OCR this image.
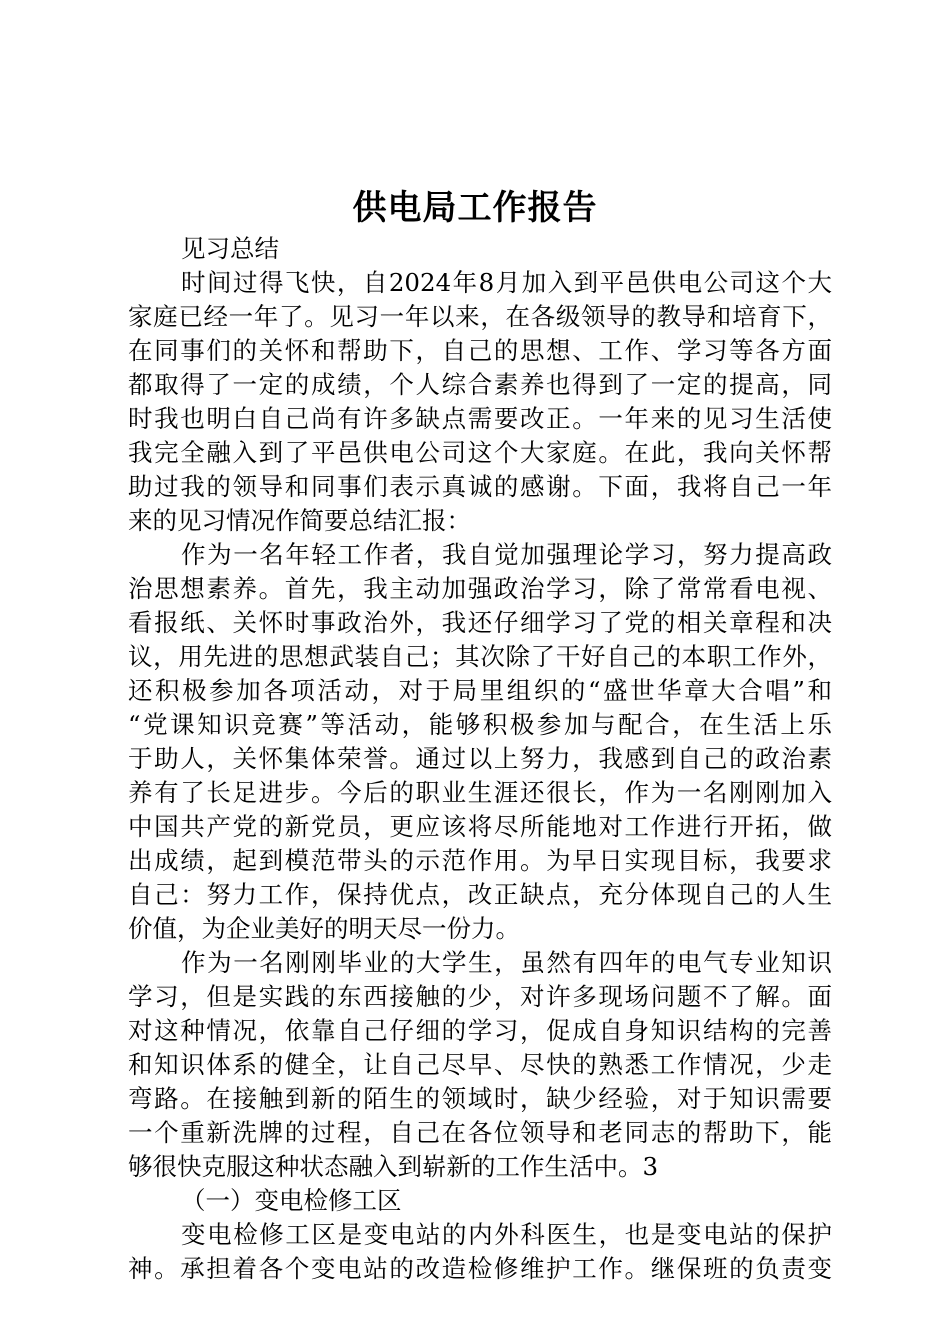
供电局工作报告
见习总结
时间过得飞快，自2024年8月加入到平邑供电公司这个大
家庭已经一年了。见习一年以来，在各级领导的教导和培育下，
在同事们的关怀和帮助下，自己的思想、工作、学习等各方面
都取得了一定的成绩，个人综合素养也得到了一定的提高，同
时我也明白自己尚有许多缺点需要改正。一年来的见习生活使
我完全融入到了平邑供电公司这个大家庭。在此，我向关怀帮
助过我的领导和同事们表示真诚的感谢。下面，我将自己一年
来的见习情况作简要总结汇报：
作为一名年轻工作者，我自觉加强理论学习，努力提高政
治思想素养。首先，我主动加强政治学习，除了常常看电视、
看报纸、关怀时事政治外，我还仔细学习了党的相关章程和决
议，用先进的思想武装自己；其次除了干好自己的本职工作外，
还积极参加各项活动，对于局里组织的“盛世华章大合唱”和
“党课知识竞赛”等活动，能够积极参加与配合，在生活上乐
于助人，关怀集体荣誉。通过以上努力，我感到自己的政治素
养有了长足进步。今后的职业生涯还很长，作为一名刚刚加入
中国共产党的新党员，更应该将尽所能地对工作进行开拓，做
出成绩，起到模范带头的示范作用。为早日实现目标，我要求
自己：努力工作，保持优点，改正缺点，充分体现自己的人生
价值，为企业美好的明天尽一份力。
作为一名刚刚毕业的大学生，虽然有四年的电气专业知识
学习，但是实践的东西接触的少，对许多现场问题不了解。面
对这种情况，依靠自己仔细的学习，促成自身知识结构的完善
和知识体系的健全，让自己尽早、尽快的熟悉工作情况，少走
弯路。在接触到新的陌生的领域时，缺少经验，对于知识需要
一个重新洗牌的过程，自己在各位领导和老同志的帮助下，能
够很快克服这种状态融入到崭新的工作生活中。3
（一）变电检修工区
变电检修工区是变电站的内外科医生，也是变电站的保护
神。承担着各个变电站的改造检修维护工作。继保班的负责变
